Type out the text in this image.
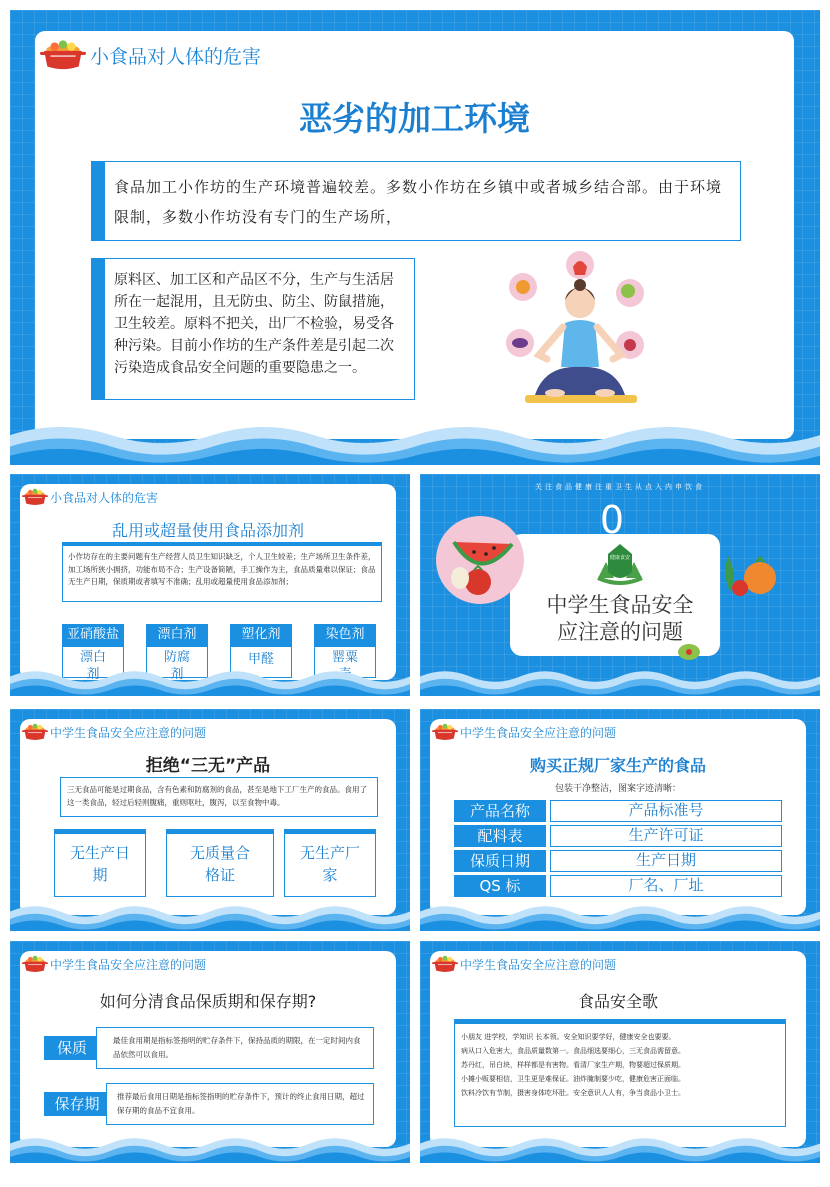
小食品对人体的危害
恶劣的加工环境
食品加工小作坊的生产环境普遍较差。多数小作坊在乡镇中或者城乡结合部。由于环境限制，多数小作坊没有专门的生产场所，
原料区、加工区和产品区不分，生产与生活居所在一起混用，且无防虫、防尘、防鼠措施，卫生较差。原料不把关，出厂不检验，易受各种污染。目前小作坊的生产条件差是引起二次污染造成食品安全问题的重要隐患之一。
小食品对人体的危害
乱用或超量使用食品添加剂
小作坊存在的主要问题有生产经营人员卫生知识缺乏，个人卫生较差；生产场所卫生条件差，加工场所狭小拥挤，功能布局不合；生产设备简陋，手工操作为主，食品质量难以保证；食品无生产日期，保质期或者填写不准确；乱用或超量使用食品添加剂；
亚硝酸盐
漂白剂
漂白剂
防腐剂
塑化剂
甲醛
染色剂
罂粟
关注食品健康注重卫生从点入内申饮食
0
健康食安
中学生食品安全
应注意的问题
中学生食品安全应注意的问题
拒绝“三无”产品
三无食品可能是过期食品，含有色素和防腐剂的食品，甚至是地下工厂生产的食品。食用了这一类食品，轻过后轻则腹痛，重则呕吐，腹泻，以至食物中毒。
无生产日期
无质量合格证
无生产厂家
中学生食品安全应注意的问题
购买正规厂家生产的食品
包装干净整洁，图案字迹清晰：
产品名称	产品标准号
配料表	生产许可证
保质日期	生产日期
QS 标	厂名、厂址
中学生食品安全应注意的问题
如何分清食品保质期和保存期?
保质	最佳食用期是指标签指明的贮存条件下，保持品质的期限，在一定时间内食品依然可以食用。
保存期	推荐最后食用日期是指标签指明的贮存条件下，预计的终止食用日期，超过保存期的食品不宜食用。
中学生食品安全应注意的问题
食品安全歌
小朋友 进学校，学知识 长本领。安全知识要学好，健康安全也要要。
病从口入危害大，食品质量数第一。食品细选要细心，三无食品需留意。
苏丹红，吊白块，样样都是有害物。看清厂家生产期，物要超过保质期。
小摊小贩要相信，卫生更是难保证。油炸腌制要少吃，健康危害正面临。
饮料冷饮有节制，摄害身体吃坏肚。安全意识人人有，争当食品小卫士。
